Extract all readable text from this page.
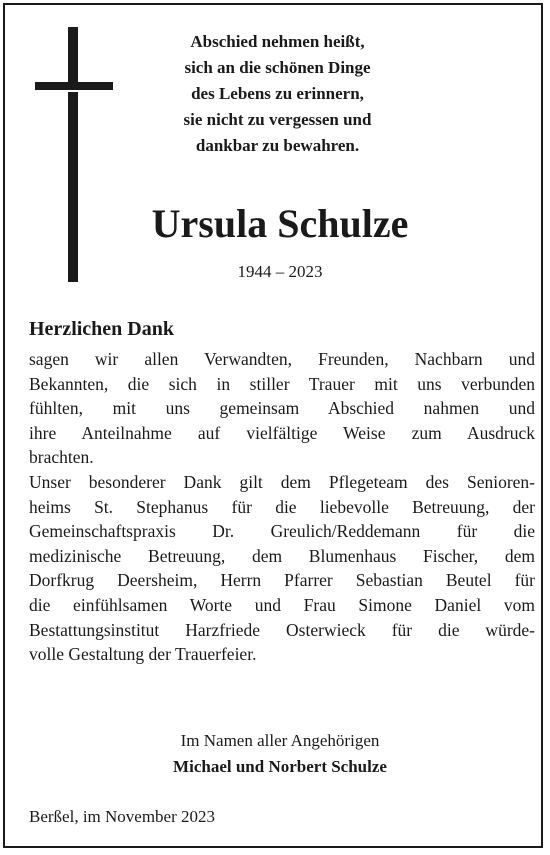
Abschied nehmen heißt,
sich an die schönen Dinge
des Lebens zu erinnern,
sie nicht zu vergessen und
dankbar zu bewahren.
Ursula Schulze
1944 – 2023
Herzlichen Dank
sagen wir allen Verwandten, Freunden, Nachbarn und
Bekannten, die sich in stiller Trauer mit uns verbunden
fühlten, mit uns gemeinsam Abschied nahmen und
ihre Anteilnahme auf vielfältige Weise zum Ausdruck
brachten.
Unser besonderer Dank gilt dem Pflegeteam des Senioren-
heims St. Stephanus für die liebevolle Betreuung, der
Gemeinschaftspraxis Dr. Greulich/Reddemann für die
medizinische Betreuung, dem Blumenhaus Fischer, dem
Dorfkrug Deersheim, Herrn Pfarrer Sebastian Beutel für
die einfühlsamen Worte und Frau Simone Daniel vom
Bestattungsinstitut Harzfriede Osterwieck für die würde-
volle Gestaltung der Trauerfeier.
Im Namen aller Angehörigen
Michael und Norbert Schulze
Berßel, im November 2023
